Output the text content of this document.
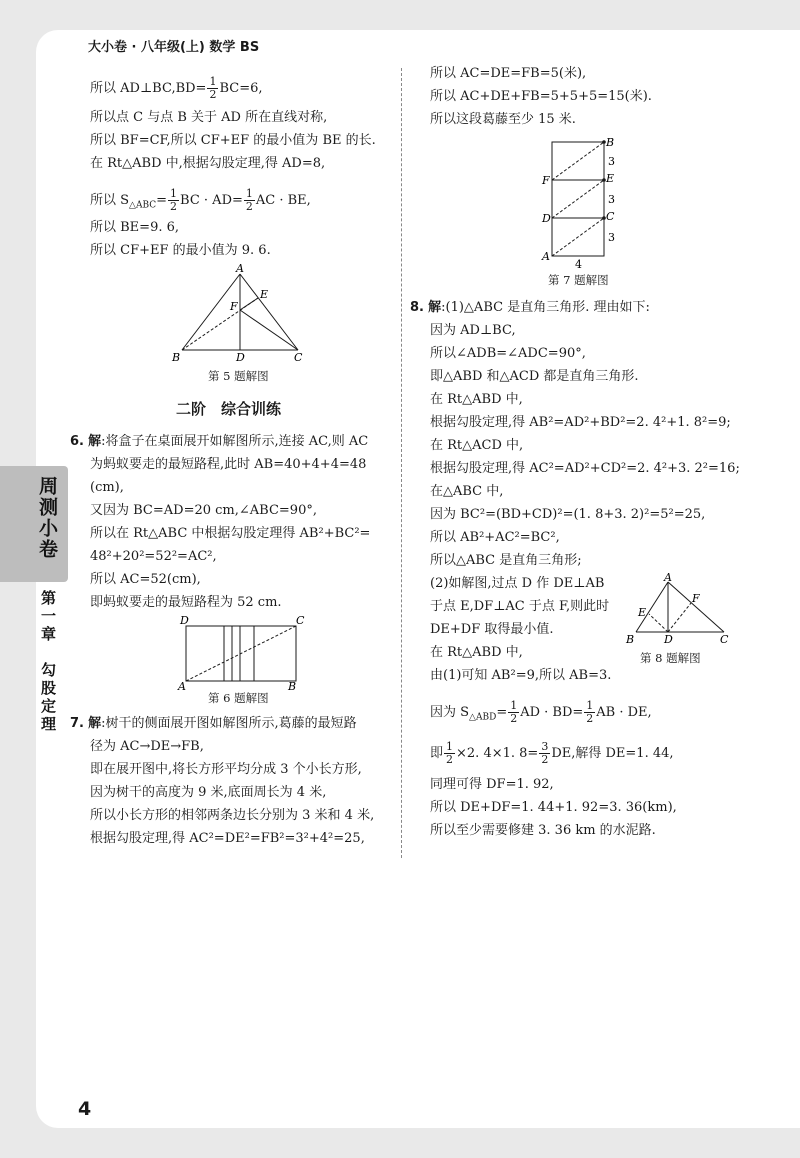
大小卷 · 八年级(上) 数学 BS
周测小卷
第一章　勾股定理
4
所以 AD⊥BC,BD= $\frac{1}{2} BC=6$,
所以点 C 与点 B 关于 AD 所在直线对称,
所以 BF=CF,所以 CF+EF 的最小值为 BE 的长.
在 Rt△ABD 中,根据勾股定理,得 AD=8,
所以 $S_{\triangle ABC}= \frac{1}{2}$ BC · $AD= \frac{1}{2}$ AC · BE,
所以 BE=9. 6,
所以 CF+EF 的最小值为 9. 6.
A
B	C
D
E
F
第 5 题解图
二阶　综合训练
6. 解:将盒子在桌面展开如解图所示,连接 AC,则 AC
为蚂蚁要走的最短路程,此时 AB=40+4+4=48
(cm),
又因为 BC=AD=20 cm,∠ABC=90°,
所以在 Rt△ABC 中根据勾股定理得 AB²+BC²=
48²+20²=52²=AC²,
所以 AC=52(cm),
即蚂蚁要走的最短路程为 52 cm.
D	C
A	B
第 6 题解图
7. 解:树干的侧面展开图如解图所示,葛藤的最短路
径为 AC→DE→FB,
即在展开图中,将长方形平均分成 3 个小长方形,
因为树干的高度为 9 米,底面周长为 4 米,
所以小长方形的相邻两条边长分别为 3 米和 4 米,
根据勾股定理,得 AC²=DE²=FB²=3²+4²=25,
所以 AC=DE=FB=5(米),
所以 AC+DE+FB=5+5+5=15(米).
所以这段葛藤至少 15 米.
B
E
C
F
D
A
3
3
3
4
第 7 题解图
8. 解:(1)△ABC 是直角三角形. 理由如下:
因为 AD⊥BC,
所以∠ADB=∠ADC=90°,
即△ABD 和△ACD 都是直角三角形.
在 Rt△ABD 中,
根据勾股定理,得 AB²=AD²+BD²=2. 4²+1. 8²=9;
在 Rt△ACD 中,
根据勾股定理,得 AC²=AD²+CD²=2. 4²+3. 2²=16;
在△ABC 中,
因为 BC²=(BD+CD)²=(1. 8+3. 2)²=5²=25,
所以 AB²+AC²=BC²,
所以△ABC 是直角三角形;
(2)如解图,过点 D 作 DE⊥AB
于点 E,DF⊥AC 于点 F,则此时
DE+DF 取得最小值.
在 Rt△ABD 中,
由(1)可知 AB²=9,所以 AB=3.
A
B	C
D
E
F
第 8 题解图
因为 $S_{\triangle ABD}= \frac{1}{2}$ AD · $BD= \frac{1}{2}$ AB · DE,
即 $\frac{1}{2} \times 2$. 4×1. $8= \frac{3}{2}$ DE,解得 DE=1. 44,
同理可得 DF=1. 92,
所以 DE+DF=1. 44+1. 92=3. 36(km),
所以至少需要修建 3. 36 km 的水泥路.
